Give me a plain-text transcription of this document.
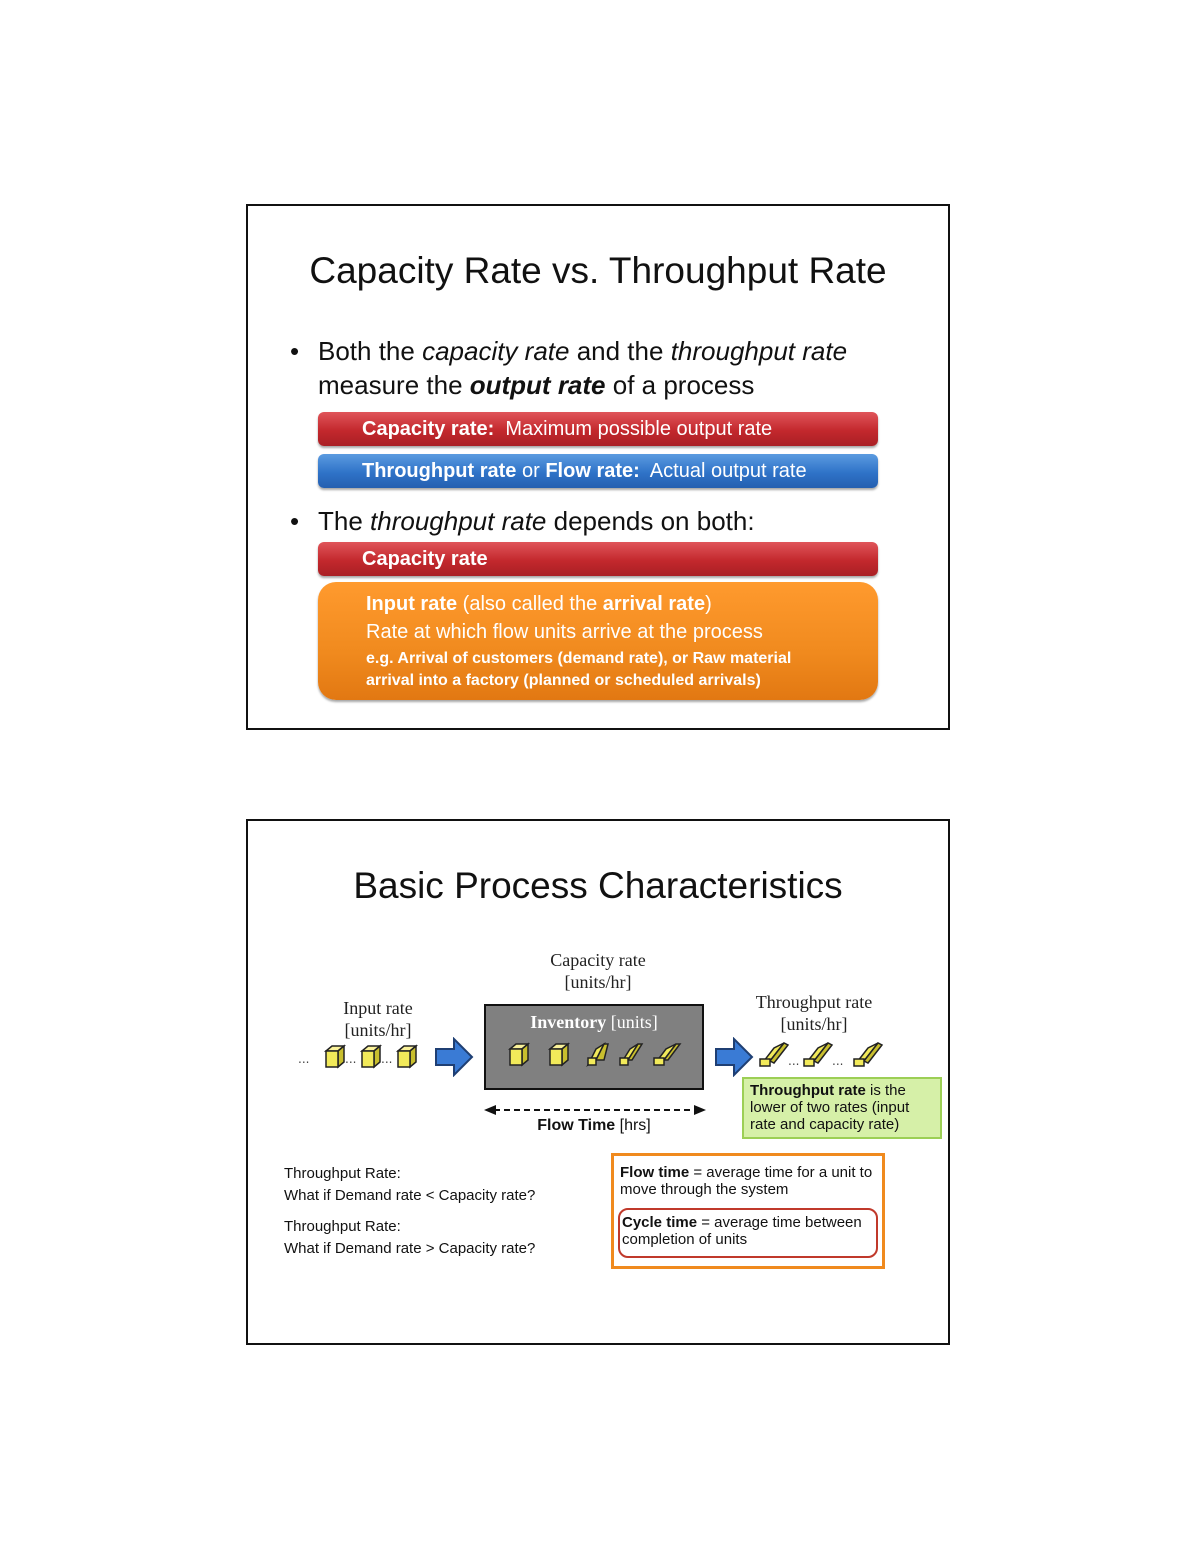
Capacity Rate vs. Throughput Rate
• Both the capacity rate and the throughput rate measure the output rate of a process
Capacity rate:  Maximum possible output rate
Throughput rate or Flow rate:  Actual output rate
• The throughput rate depends on both:
Capacity rate
Input rate (also called the arrival rate)
Rate at which flow units arrive at the process
e.g. Arrival of customers (demand rate), or Raw material arrival into a factory (planned or scheduled arrivals)
Basic Process Characteristics
Input rate
[units/hr]
Capacity rate
[units/hr]
Throughput rate
[units/hr]
...	... ...
Inventory [units]
...	...
Throughput rate is the lower of two rates (input rate and capacity rate)
Flow Time [hrs]
Throughput Rate:
What if Demand rate < Capacity rate?
Throughput Rate:
What if Demand rate > Capacity rate?
Flow time = average time for a unit to move through the system
Cycle time = average time between completion of units
